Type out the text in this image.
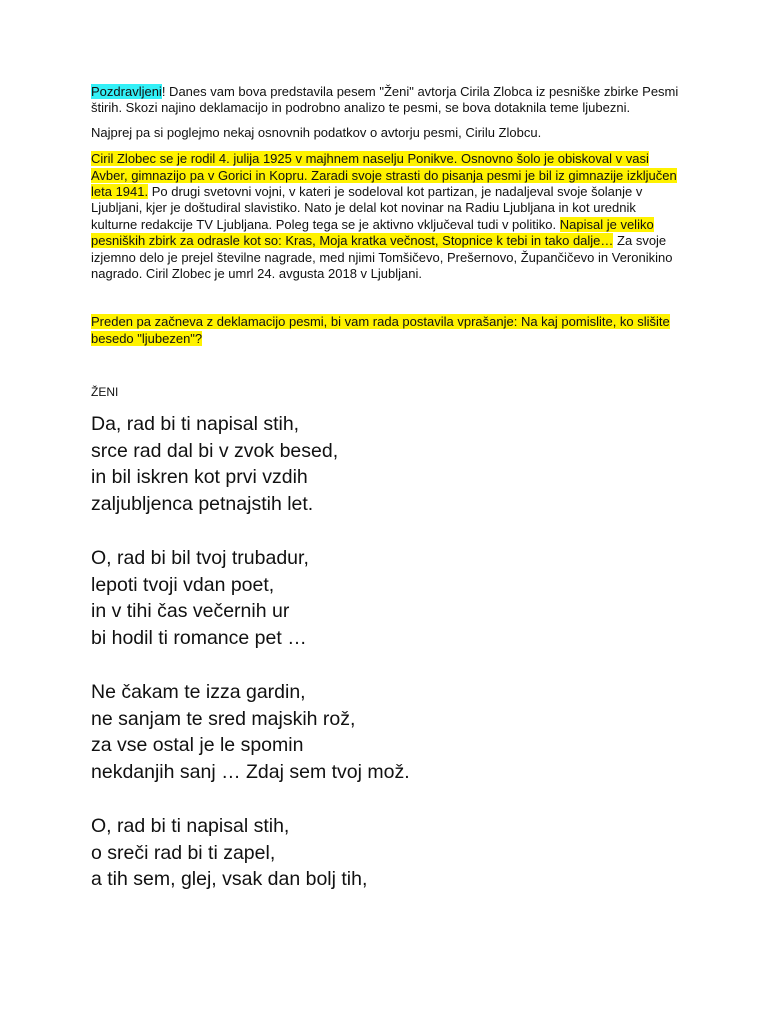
Pozdravljeni! Danes vam bova predstavila pesem "Ženi" avtorja Cirila Zlobca iz pesniške zbirke Pesmi štirih. Skozi najino deklamacijo in podrobno analizo te pesmi, se bova dotaknila teme ljubezni.

Najprej pa si poglejmo nekaj osnovnih podatkov o avtorju pesmi, Cirilu Zlobcu.

Ciril Zlobec se je rodil 4. julija 1925 v majhnem naselju Ponikve. Osnovno šolo je obiskoval v vasi Avber, gimnazijo pa v Gorici in Kopru. Zaradi svoje strasti do pisanja pesmi je bil iz gimnazije izključen leta 1941. Po drugi svetovni vojni, v kateri je sodeloval kot partizan, je nadaljeval svoje šolanje v Ljubljani, kjer je doštudiral slavistiko. Nato je delal kot novinar na Radiu Ljubljana in kot urednik kulturne redakcije TV Ljubljana. Poleg tega se je aktivno vključeval tudi v politiko. Napisal je veliko pesniških zbirk za odrasle kot so: Kras, Moja kratka večnost, Stopnice k tebi in tako dalje… Za svoje izjemno delo je prejel številne nagrade, med njimi Tomšičevo, Prešernovo, Župančičevo in Veronikino nagrado. Ciril Zlobec je umrl 24. avgusta 2018 v Ljubljani.

Preden pa začneva z deklamacijo pesmi, bi vam rada postavila vprašanje: Na kaj pomislite, ko slišite besedo "ljubezen"?

ŽENI

Da, rad bi ti napisal stih,
srce rad dal bi v zvok besed,
in bil iskren kot prvi vzdih
zaljubljenca petnajstih let.
O, rad bi bil tvoj trubadur,
lepoti tvoji vdan poet,
in v tihi čas večernih ur
bi hodil ti romance pet …
Ne čakam te izza gardin,
ne sanjam te sred majskih rož,
za vse ostal je le spomin
nekdanjih sanj … Zdaj sem tvoj mož.
O, rad bi ti napisal stih,
o sreči rad bi ti zapel,
a tih sem, glej, vsak dan bolj tih,
